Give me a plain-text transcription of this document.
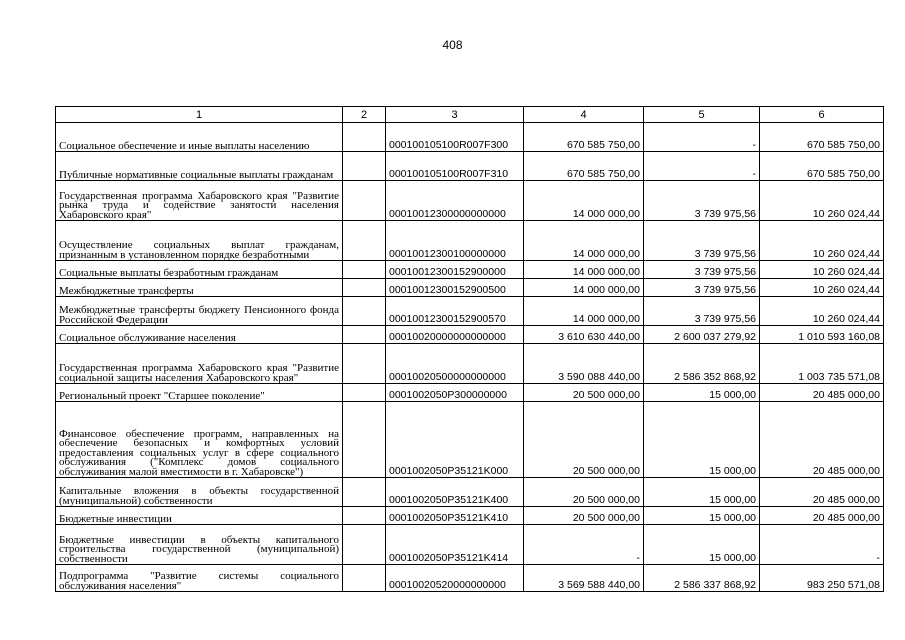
408
1	2	3	4	5	6
Социальное обеспечение и иные выплаты населению		000100105100R007F300	670 585 750,00	-	670 585 750,00
Публичные нормативные социальные выплаты гражданам		000100105100R007F310	670 585 750,00	-	670 585 750,00
Государственная программа Хабаровского края "Развитие рынка труда и содействие занятости населения Хабаровского края"		00010012300000000000	14 000 000,00	3 739 975,56	10 260 024,44
Осуществление социальных выплат гражданам, признанным в установленном порядке безработными		00010012300100000000	14 000 000,00	3 739 975,56	10 260 024,44
Социальные выплаты безработным гражданам		00010012300152900000	14 000 000,00	3 739 975,56	10 260 024,44
Межбюджетные трансферты		00010012300152900500	14 000 000,00	3 739 975,56	10 260 024,44
Межбюджетные трансферты бюджету Пенсионного фонда Российской Федерации		00010012300152900570	14 000 000,00	3 739 975,56	10 260 024,44
Социальное обслуживание населения		00010020000000000000	3 610 630 440,00	2 600 037 279,92	1 010 593 160,08
Государственная программа Хабаровского края "Развитие социальной защиты населения Хабаровского края"		00010020500000000000	3 590 088 440,00	2 586 352 868,92	1 003 735 571,08
Региональный проект "Старшее поколение"		0001002050P300000000	20 500 000,00	15 000,00	20 485 000,00
Финансовое обеспечение программ, направленных на обеспечение безопасных и комфортных условий предоставления социальных услуг в сфере социального обслуживания ("Комплекс домов социального обслуживания малой вместимости в г. Хабаровске")		0001002050P35121K000	20 500 000,00	15 000,00	20 485 000,00
Капитальные вложения в объекты государственной (муниципальной) собственности		0001002050P35121K400	20 500 000,00	15 000,00	20 485 000,00
Бюджетные инвестиции		0001002050P35121K410	20 500 000,00	15 000,00	20 485 000,00
Бюджетные инвестиции в объекты капитального строительства государственной (муниципальной) собственности		0001002050P35121K414	-	15 000,00	-
Подпрограмма "Развитие системы социального обслуживания населения"		00010020520000000000	3 569 588 440,00	2 586 337 868,92	983 250 571,08
